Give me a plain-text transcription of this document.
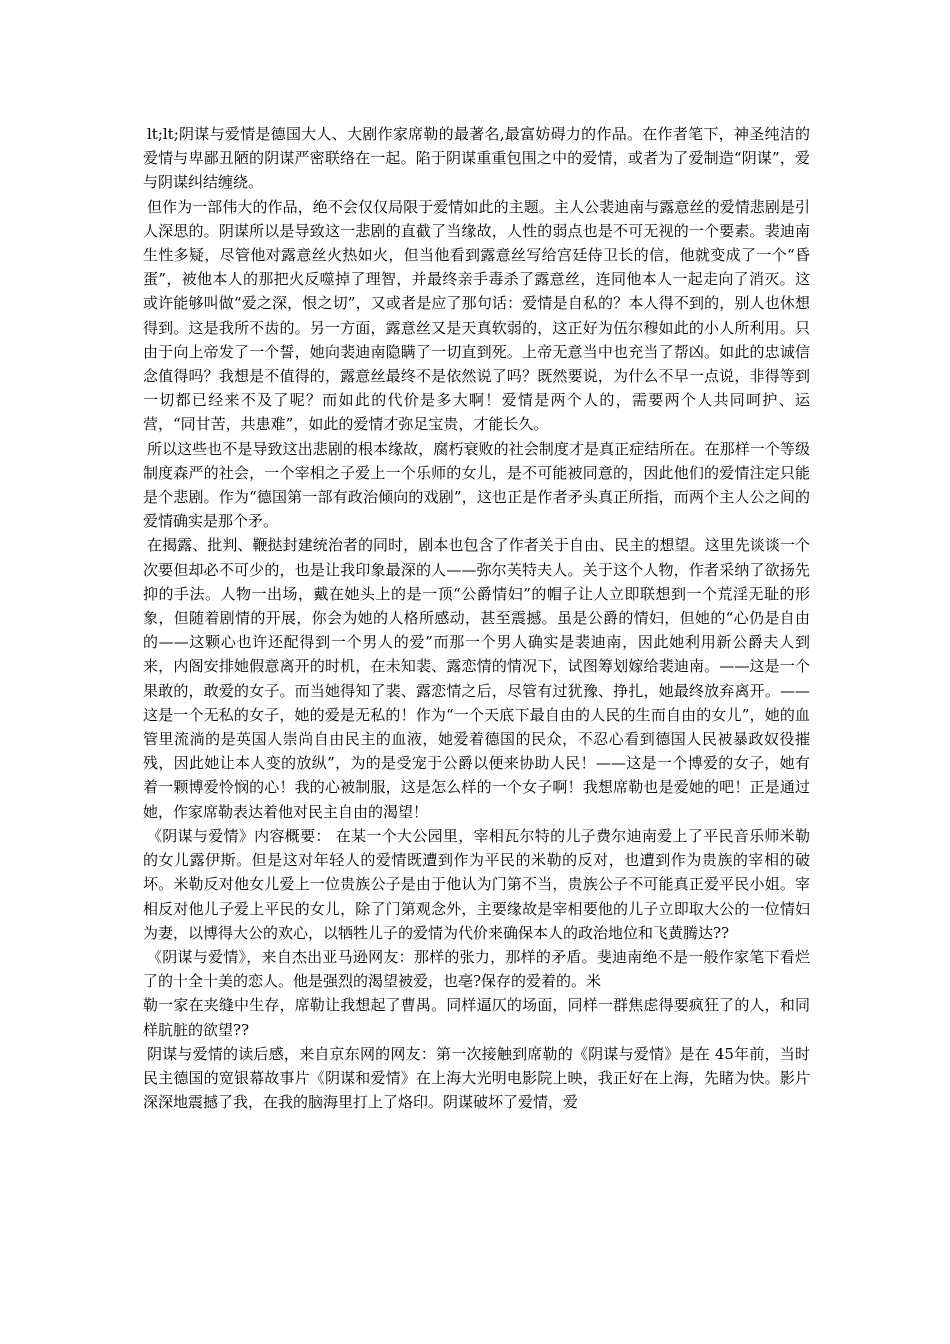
lt;lt;阴谋与爱情是德国大人、大剧作家席勒的最著名,最富妨碍力的作品。在作者笔下，神圣纯洁的爱情与卑鄙丑陋的阴谋严密联络在一起。陷于阴谋重重包围之中的爱情，或者为了爱制造“阴谋”，爱与阴谋纠结缠绕。

但作为一部伟大的作品，绝不会仅仅局限于爱情如此的主题。主人公裴迪南与露意丝的爱情悲剧是引人深思的。阴谋所以是导致这一悲剧的直截了当缘故，人性的弱点也是不可无视的一个要素。裴迪南生性多疑，尽管他对露意丝火热如火，但当他看到露意丝写给宫廷侍卫长的信，他就变成了一个“昏蛋”，被他本人的那把火反噬掉了理智，并最终亲手毒杀了露意丝，连同他本人一起走向了消灭。这或许能够叫做“爱之深，恨之切”，又或者是应了那句话：爱情是自私的？本人得不到的，别人也休想得到。这是我所不齿的。另一方面，露意丝又是天真软弱的，这正好为伍尔穆如此的小人所利用。只由于向上帝发了一个誓，她向裴迪南隐瞒了一切直到死。上帝无意当中也充当了帮凶。如此的忠诚信念值得吗？我想是不值得的，露意丝最终不是依然说了吗？既然要说，为什么不早一点说，非得等到一切都已经来不及了呢？而如此的代价是多大啊！爱情是两个人的，需要两个人共同呵护、运营，“同甘苦，共患难”，如此的爱情才弥足宝贵，才能长久。

所以这些也不是导致这出悲剧的根本缘故，腐朽衰败的社会制度才是真正症结所在。在那样一个等级制度森严的社会，一个宰相之子爱上一个乐师的女儿，是不可能被同意的，因此他们的爱情注定只能是个悲剧。作为“德国第一部有政治倾向的戏剧”，这也正是作者矛头真正所指，而两个主人公之间的爱情确实是那个矛。

在揭露、批判、鞭挞封建统治者的同时，剧本也包含了作者关于自由、民主的想望。这里先谈谈一个次要但却必不可少的，也是让我印象最深的人——弥尔芙特夫人。关于这个人物，作者采纳了欲扬先抑的手法。人物一出场，戴在她头上的是一顶“公爵情妇”的帽子让人立即联想到一个荒淫无耻的形象，但随着剧情的开展，你会为她的人格所感动，甚至震撼。虽是公爵的情妇，但她的“心仍是自由的——这颗心也许还配得到一个男人的爱”而那一个男人确实是裴迪南，因此她利用新公爵夫人到来，内阁安排她假意离开的时机，在未知裴、露恋情的情况下，试图筹划嫁给裴迪南。——这是一个果敢的，敢爱的女子。而当她得知了裴、露恋情之后，尽管有过犹豫、挣扎，她最终放弃离开。——这是一个无私的女子，她的爱是无私的！作为“一个天底下最自由的人民的生而自由的女儿”，她的血管里流淌的是英国人崇尚自由民主的血液，她爱着德国的民众，不忍心看到德国人民被暴政奴役摧残，因此她让本人变的放纵”，为的是受宠于公爵以便来协助人民！——这是一个博爱的女子，她有着一颗博爱怜悯的心！我的心被制服，这是怎么样的一个女子啊！我想席勒也是爱她的吧！正是通过她，作家席勒表达着他对民主自由的渴望！

《阴谋与爱情》内容概要： 在某一个大公园里，宰相瓦尔特的儿子费尔迪南爱上了平民音乐师米勒的女儿露伊斯。但是这对年轻人的爱情既遭到作为平民的米勒的反对，也遭到作为贵族的宰相的破坏。米勒反对他女儿爱上一位贵族公子是由于他认为门第不当，贵族公子不可能真正爱平民小姐。宰相反对他儿子爱上平民的女儿，除了门第观念外，主要缘故是宰相要他的儿子立即取大公的一位情妇为妻，以博得大公的欢心，以牺牲儿子的爱情为代价来确保本人的政治地位和飞黄腾达??

《阴谋与爱情》，来自杰出亚马逊网友：那样的张力，那样的矛盾。斐迪南绝不是一般作家笔下看烂了的十全十美的恋人。他是强烈的渴望被爱，也亳?保存的爱着的。米

勒一家在夹缝中生存，席勒让我想起了曹禺。同样逼仄的场面，同样一群焦虑得要疯狂了的人，和同样肮脏的欲望??

阴谋与爱情的读后感，来自京东网的网友：第一次接触到席勒的《阴谋与爱情》是在 45年前，当时民主德国的宽银幕故事片《阴谋和爱情》在上海大光明电影院上映，我正好在上海，先睹为快。影片深深地震撼了我，在我的脑海里打上了烙印。阴谋破坏了爱情，爱
